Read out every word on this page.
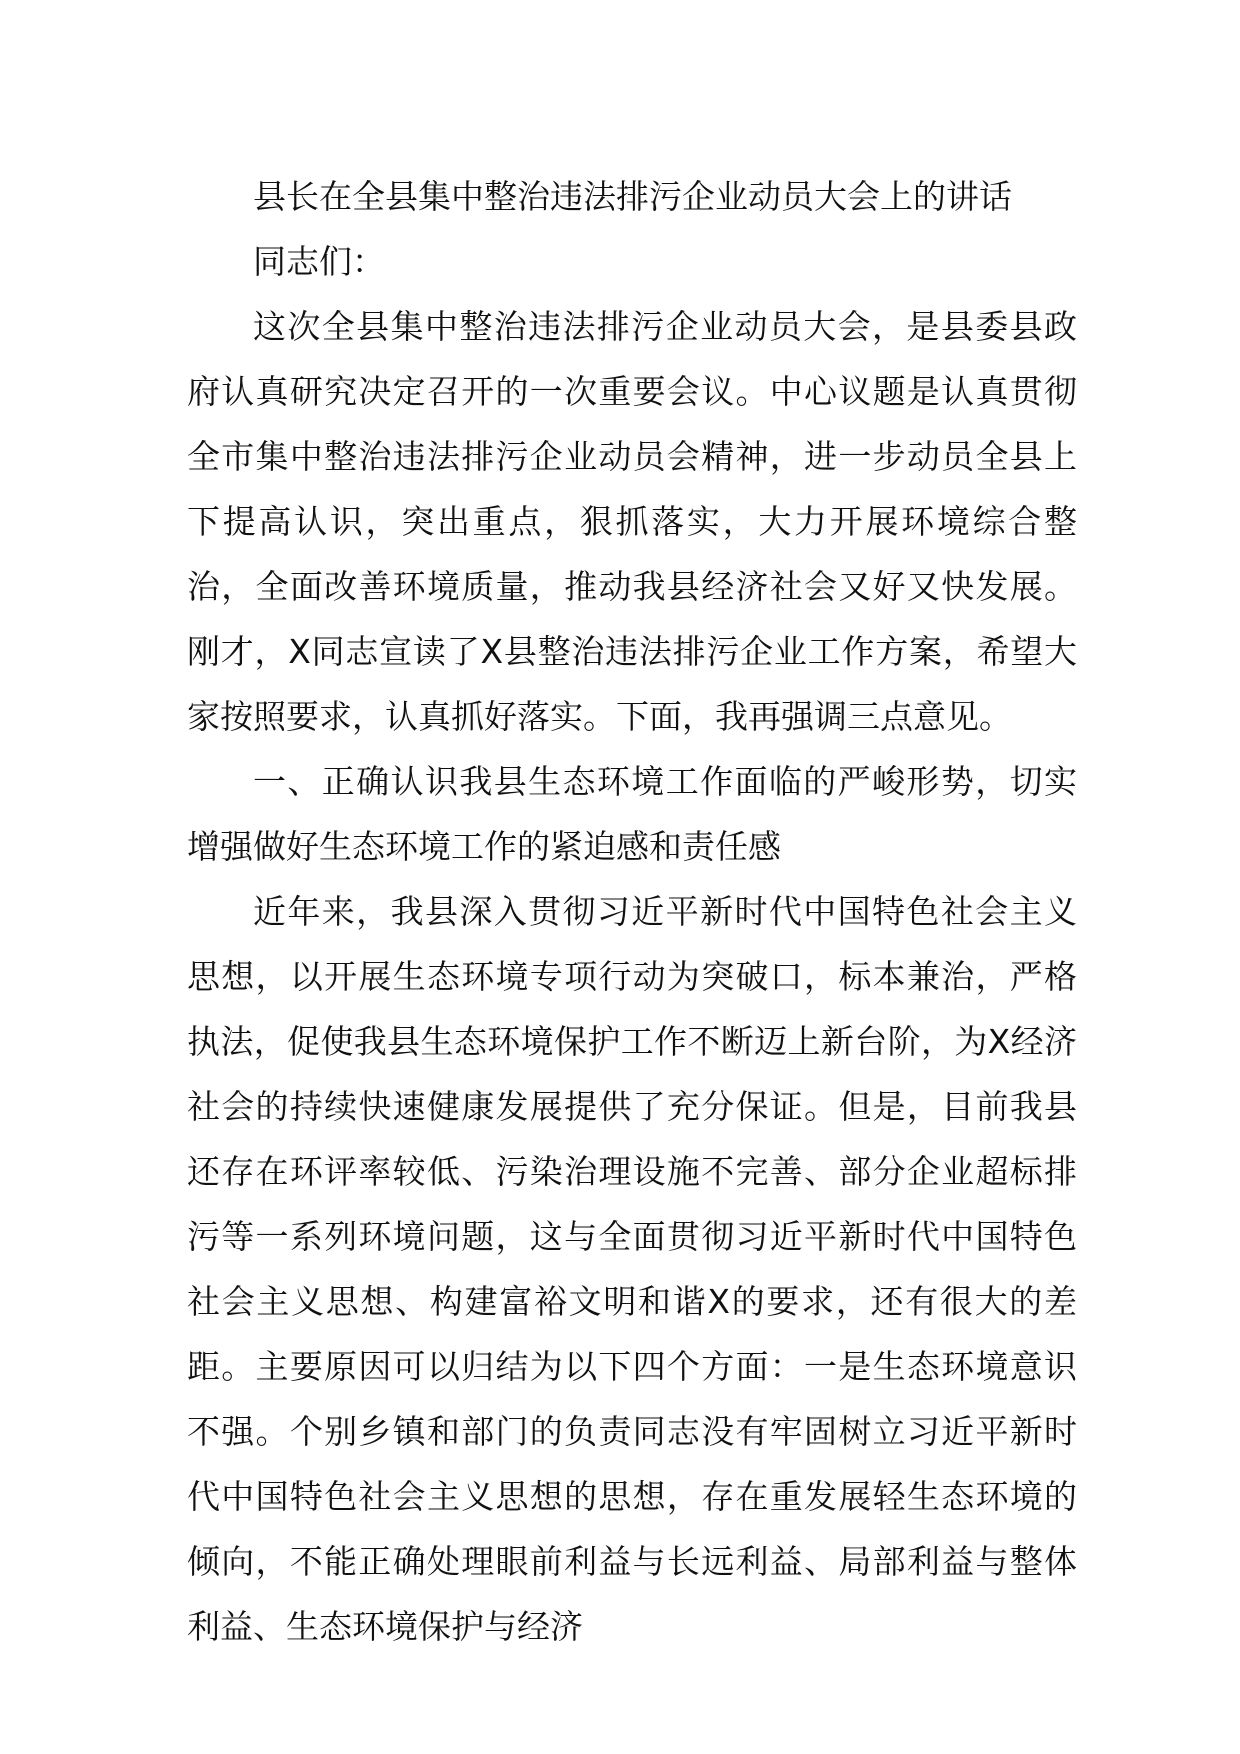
县长在全县集中整治违法排污企业动员大会上的讲话

同志们：

这次全县集中整治违法排污企业动员大会，是县委县政府认真研究决定召开的一次重要会议。中心议题是认真贯彻全市集中整治违法排污企业动员会精神，进一步动员全县上下提高认识，突出重点，狠抓落实，大力开展环境综合整治，全面改善环境质量，推动我县经济社会又好又快发展。刚才，X同志宣读了X县整治违法排污企业工作方案，希望大家按照要求，认真抓好落实。下面，我再强调三点意见。

一、正确认识我县生态环境工作面临的严峻形势，切实增强做好生态环境工作的紧迫感和责任感

近年来，我县深入贯彻习近平新时代中国特色社会主义思想，以开展生态环境专项行动为突破口，标本兼治，严格执法，促使我县生态环境保护工作不断迈上新台阶，为X经济社会的持续快速健康发展提供了充分保证。但是，目前我县还存在环评率较低、污染治理设施不完善、部分企业超标排污等一系列环境问题，这与全面贯彻习近平新时代中国特色社会主义思想、构建富裕文明和谐X的要求，还有很大的差距。主要原因可以归结为以下四个方面：一是生态环境意识不强。个别乡镇和部门的负责同志没有牢固树立习近平新时代中国特色社会主义思想的思想，存在重发展轻生态环境的倾向，不能正确处理眼前利益与长远利益、局部利益与整体利益、生态环境保护与经济
